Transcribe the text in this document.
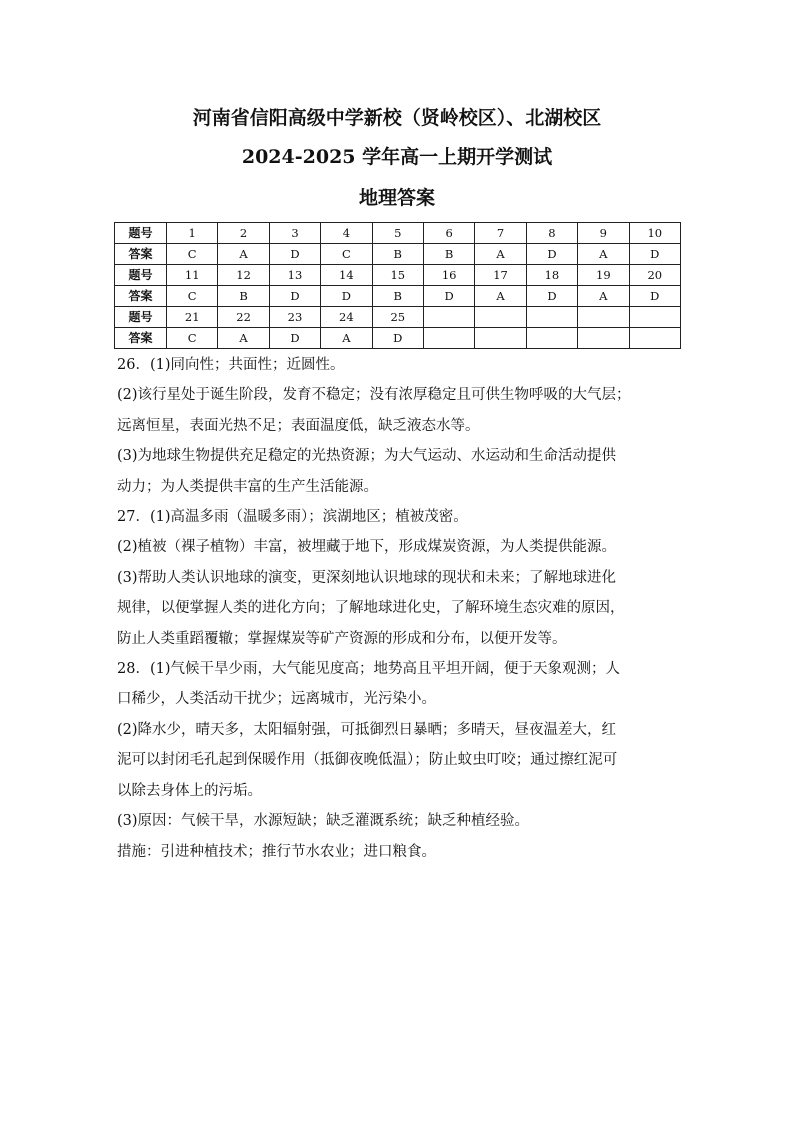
河南省信阳高级中学新校（贤岭校区）、北湖校区
2024-2025 学年高一上期开学测试
地理答案
题号	1	2	3	4	5	6	7	8	9	10
答案	C	A	D	C	B	B	A	D	A	D
题号	11	12	13	14	15	16	17	18	19	20
答案	C	B	D	D	B	D	A	D	A	D
题号	21	22	23	24	25					
答案	C	A	D	A	D					

26．(1)同向性；共面性；近圆性。

(2)该行星处于诞生阶段，发育不稳定；没有浓厚稳定且可供生物呼吸的大气层；

远离恒星，表面光热不足；表面温度低，缺乏液态水等。

(3)为地球生物提供充足稳定的光热资源；为大气运动、水运动和生命活动提供

动力；为人类提供丰富的生产生活能源。

27．(1)高温多雨（温暖多雨）；滨湖地区；植被茂密。

(2)植被（裸子植物）丰富，被埋藏于地下，形成煤炭资源，为人类提供能源。

(3)帮助人类认识地球的演变，更深刻地认识地球的现状和未来；了解地球进化

规律，以便掌握人类的进化方向；了解地球进化史，了解环境生态灾难的原因，

防止人类重蹈覆辙；掌握煤炭等矿产资源的形成和分布，以便开发等。

28．(1)气候干旱少雨，大气能见度高；地势高且平坦开阔，便于天象观测；人

口稀少，人类活动干扰少；远离城市，光污染小。

(2)降水少，晴天多，太阳辐射强，可抵御烈日暴晒；多晴天，昼夜温差大，红

泥可以封闭毛孔起到保暖作用（抵御夜晚低温）；防止蚊虫叮咬；通过擦红泥可

以除去身体上的污垢。

(3)原因：气候干旱，水源短缺；缺乏灌溉系统；缺乏种植经验。

措施：引进种植技术；推行节水农业；进口粮食。
